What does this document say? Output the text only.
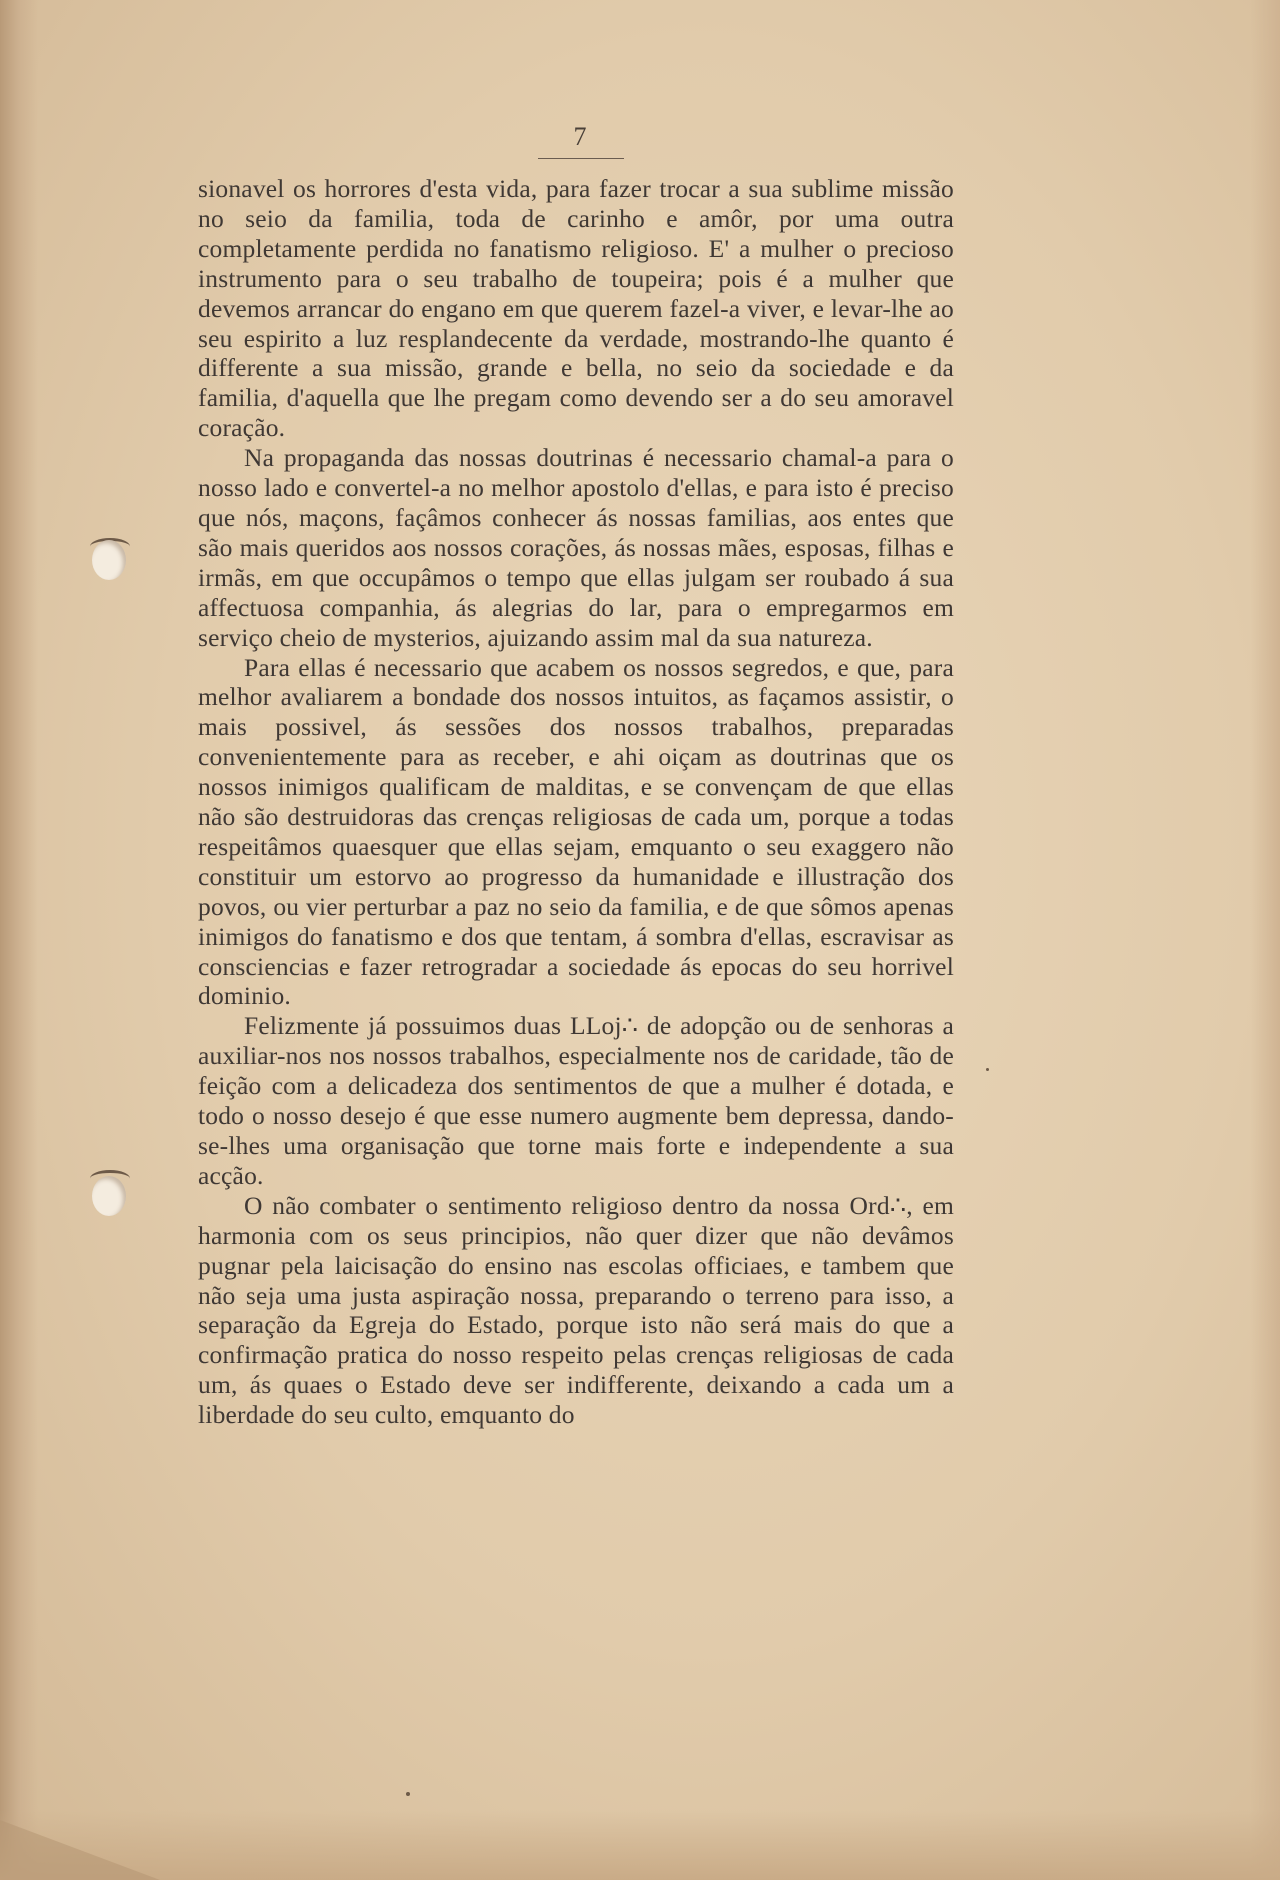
7

sionavel os horrores d'esta vida, para fazer trocar a sua sublime missão no seio da familia, toda de carinho e amôr, por uma outra completamente perdida no fanatismo religioso. E' a mulher o precioso instrumento para o seu trabalho de toupeira; pois é a mulher que devemos arrancar do engano em que querem fazel-a viver, e levar-lhe ao seu espirito a luz resplandecente da verdade, mostrando-lhe quanto é differente a sua missão, grande e bella, no seio da sociedade e da familia, d'aquella que lhe pregam como devendo ser a do seu amoravel coração.

Na propaganda das nossas doutrinas é necessario chamal-a para o nosso lado e convertel-a no melhor apostolo d'ellas, e para isto é preciso que nós, maçons, façâmos conhecer ás nossas familias, aos entes que são mais queridos aos nossos corações, ás nossas mães, esposas, filhas e irmãs, em que occupâmos o tempo que ellas julgam ser roubado á sua affectuosa companhia, ás alegrias do lar, para o empregarmos em serviço cheio de mysterios, ajuizando assim mal da sua natureza.

Para ellas é necessario que acabem os nossos segredos, e que, para melhor avaliarem a bondade dos nossos intuitos, as façamos assistir, o mais possivel, ás sessões dos nossos trabalhos, preparadas convenientemente para as receber, e ahi oiçam as doutrinas que os nossos inimigos qualificam de malditas, e se convençam de que ellas não são destruidoras das crenças religiosas de cada um, porque a todas respeitâmos quaesquer que ellas sejam, emquanto o seu exaggero não constituir um estorvo ao progresso da humanidade e illustração dos povos, ou vier perturbar a paz no seio da familia, e de que sômos apenas inimigos do fanatismo e dos que tentam, á sombra d'ellas, escravisar as consciencias e fazer retrogradar a sociedade ás epocas do seu horrivel dominio.

Felizmente já possuimos duas LLoj∴ de adopção ou de senhoras a auxiliar-nos nos nossos trabalhos, especialmente nos de caridade, tão de feição com a delicadeza dos sentimentos de que a mulher é dotada, e todo o nosso desejo é que esse numero augmente bem depressa, dando-se-lhes uma organisação que torne mais forte e independente a sua acção.

O não combater o sentimento religioso dentro da nossa Ord∴, em harmonia com os seus principios, não quer dizer que não devâmos pugnar pela laicisação do ensino nas escolas officiaes, e tambem que não seja uma justa aspiração nossa, preparando o terreno para isso, a separação da Egreja do Estado, porque isto não será mais do que a confirmação pratica do nosso respeito pelas crenças religiosas de cada um, ás quaes o Estado deve ser indifferente, deixando a cada um a liberdade do seu culto, emquanto do
